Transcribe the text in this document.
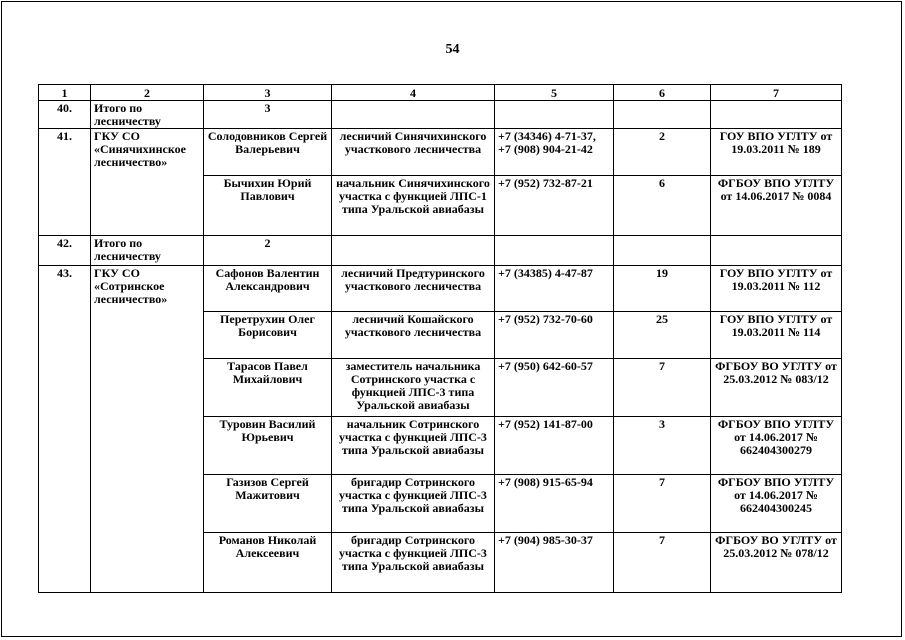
54
1	2	3	4	5	6	7
40.	Итого по лесничеству	3				
41.	ГКУ СО «Синячихинское лесничество»	Солодовников Сергей Валерьевич	лесничий Синячихинского участкового лесничества	+7 (34346) 4-71-37, +7 (908) 904-21-42	2	ГОУ ВПО УГЛТУ от 19.03.2011 № 189
		Бычихин Юрий Павлович	начальник Синячихинского участка с функцией ЛПС-1 типа Уральской авиабазы	+7 (952) 732-87-21	6	ФГБОУ ВПО УГЛТУ от 14.06.2017 № 0084
42.	Итого по лесничеству	2				
43.	ГКУ СО «Сотринское лесничество»	Сафонов Валентин Александрович	лесничий Предтуринского участкового лесничества	+7 (34385) 4-47-87	19	ГОУ ВПО УГЛТУ от 19.03.2011 № 112
		Перетрухин Олег Борисович	лесничий Кошайского участкового лесничества	+7 (952) 732-70-60	25	ГОУ ВПО УГЛТУ от 19.03.2011 № 114
		Тарасов Павел Михайлович	заместитель начальника Сотринского участка с функцией ЛПС-3 типа Уральской авиабазы	+7 (950) 642-60-57	7	ФГБОУ ВО УГЛТУ от 25.03.2012 № 083/12
		Туровин Василий Юрьевич	начальник Сотринского участка с функцией ЛПС-3 типа Уральской авиабазы	+7 (952) 141-87-00	3	ФГБОУ ВПО УГЛТУ от 14.06.2017 № 662404300279
		Газизов Сергей Мажитович	бригадир Сотринского участка с функцией ЛПС-3 типа Уральской авиабазы	+7 (908) 915-65-94	7	ФГБОУ ВПО УГЛТУ от 14.06.2017 № 662404300245
		Романов Николай Алексеевич	бригадир Сотринского участка с функцией ЛПС-3 типа Уральской авиабазы	+7 (904) 985-30-37	7	ФГБОУ ВО УГЛТУ от 25.03.2012 № 078/12
